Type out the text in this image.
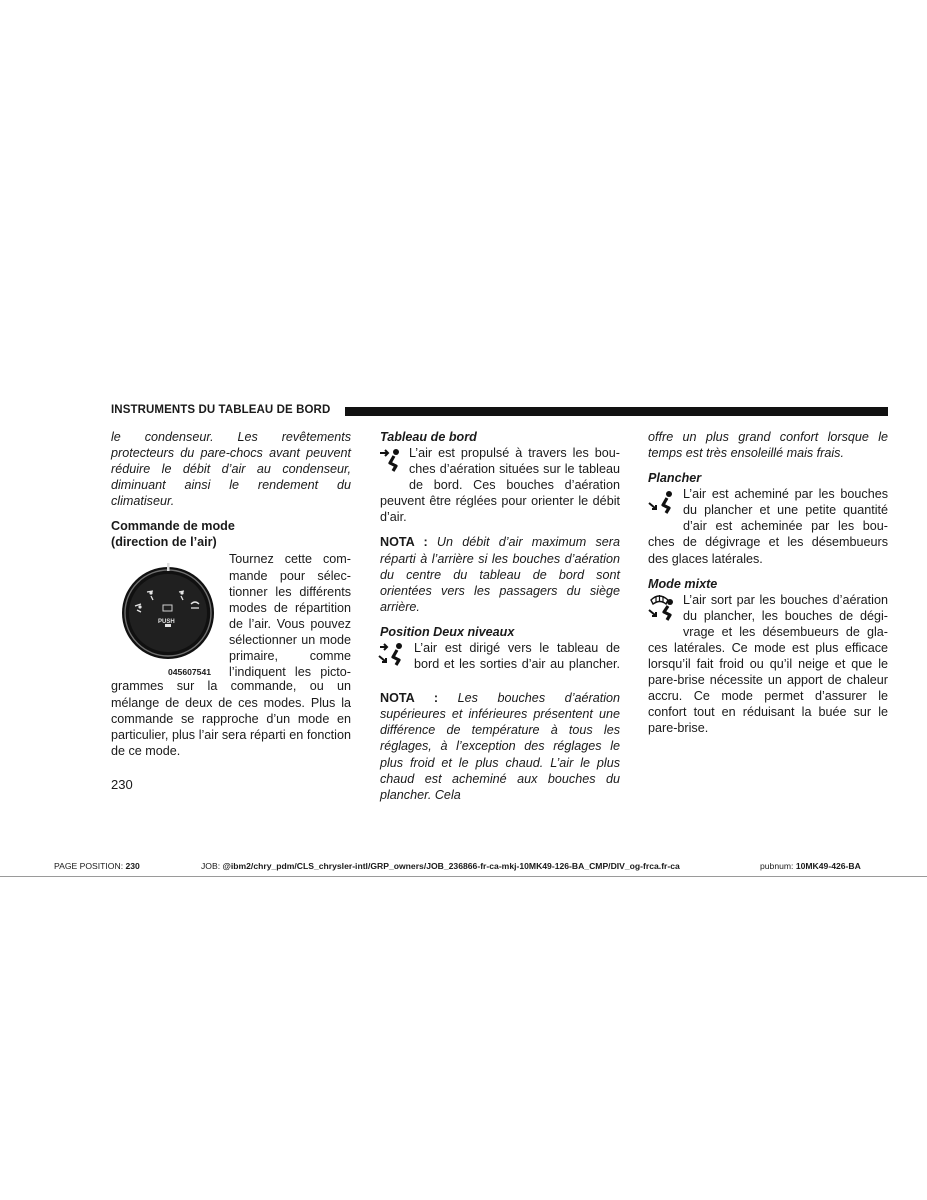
INSTRUMENTS DU TABLEAU DE BORD

le condenseur. Les revêtements protecteurs du pare-chocs avant peuvent réduire le débit d’air au condenseur, diminuant ainsi le rendement du climatiseur.

Commande de mode
(direction de l’air)
PUSH
045607541
Tournez cette com-
mande pour sélec-
tionner les différents
modes de répartition
de l’air. Vous pouvez
sélectionner un mode
primaire,        comme
l’indiquent les picto-

grammes sur la commande, ou un mélange de deux de ces modes. Plus la commande se rapproche d’un mode en particulier, plus l’air sera réparti en fonction de ce mode.

Tableau de bord
L’air est propulsé à travers les bou-
ches d’aération situées sur le tableau
de bord. Ces bouches d’aération

peuvent être réglées pour orienter le débit d’air.

NOTA : Un débit d’air maximum sera réparti à l’arrière si les bouches d’aération du centre du tableau de bord sont orientées vers les passagers du siège arrière.

Position Deux niveaux
L’air est dirigé vers le tableau de
bord et les sorties d’air au plancher.

NOTA : Les bouches d’aération supérieures et inférieures présentent une différence de température à tous les réglages, à l’exception des réglages le plus froid et le plus chaud. L’air le plus chaud est acheminé aux bouches du plancher. Cela

offre un plus grand confort lorsque le temps est très ensoleillé mais frais.

Plancher
L’air est acheminé par les bouches
du plancher et une petite quantité
d’air est acheminée par les bou-

ches de dégivrage et les désembueurs des glaces latérales.

Mode mixte
L’air sort par les bouches d’aération
du plancher, les bouches de dégi-
vrage et les désembueurs de gla-

ces latérales. Ce mode est plus efficace lorsqu’il fait froid ou qu’il neige et que le pare-brise nécessite un apport de chaleur accru. Ce mode permet d’assurer le confort tout en réduisant la buée sur le pare-brise.

230
PAGE POSITION: 230	JOB: @ibm2/chry_pdm/CLS_chrysler-intl/GRP_owners/JOB_236866-fr-ca-mkj-10MK49-126-BA_CMP/DIV_og-frca.fr-ca	pubnum: 10MK49-426-BA
